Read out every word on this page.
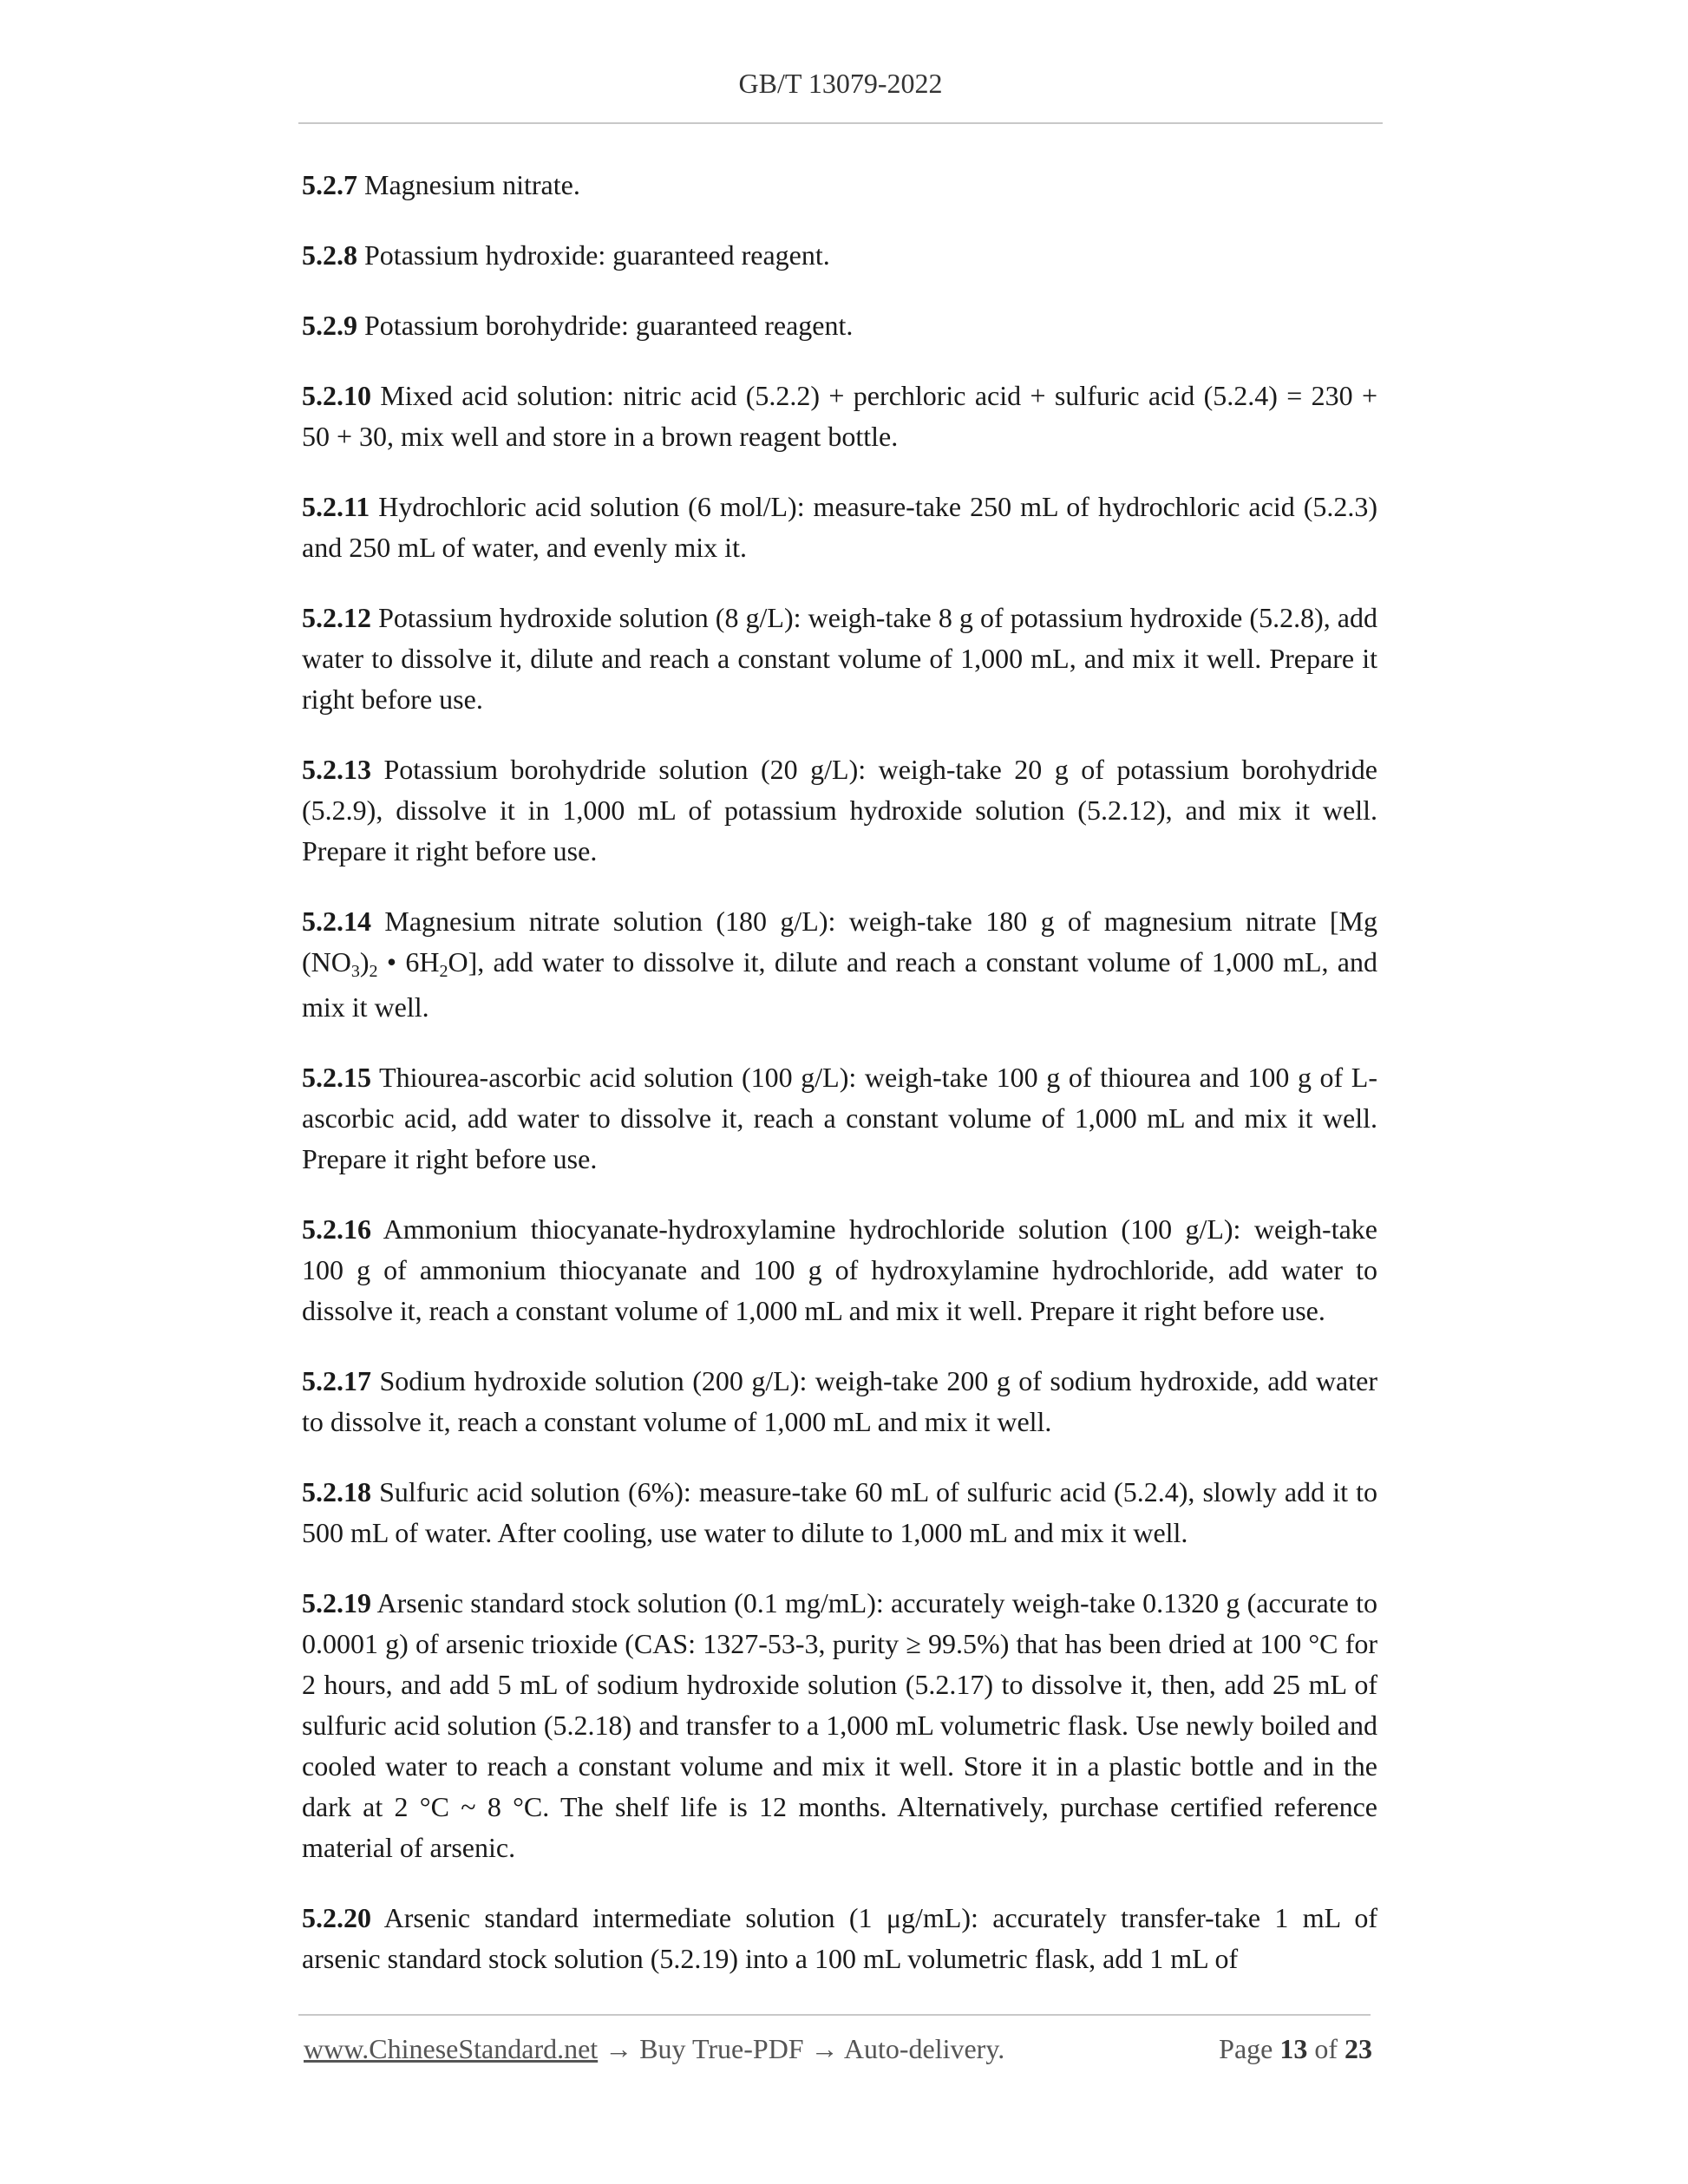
GB/T 13079-2022

5.2.7 Magnesium nitrate.

5.2.8 Potassium hydroxide: guaranteed reagent.

5.2.9 Potassium borohydride: guaranteed reagent.

5.2.10 Mixed acid solution: nitric acid (5.2.2) + perchloric acid + sulfuric acid (5.2.4) = 230 + 50 + 30, mix well and store in a brown reagent bottle.

5.2.11 Hydrochloric acid solution (6 mol/L): measure-take 250 mL of hydrochloric acid (5.2.3) and 250 mL of water, and evenly mix it.

5.2.12 Potassium hydroxide solution (8 g/L): weigh-take 8 g of potassium hydroxide (5.2.8), add water to dissolve it, dilute and reach a constant volume of 1,000 mL, and mix it well. Prepare it right before use.

5.2.13 Potassium borohydride solution (20 g/L): weigh-take 20 g of potassium borohydride (5.2.9), dissolve it in 1,000 mL of potassium hydroxide solution (5.2.12), and mix it well. Prepare it right before use.

5.2.14 Magnesium nitrate solution (180 g/L): weigh-take 180 g of magnesium nitrate [Mg $(NO_3)_2$ • $6H_2O$], add water to dissolve it, dilute and reach a constant volume of 1,000 mL, and mix it well.

5.2.15 Thiourea-ascorbic acid solution (100 g/L): weigh-take 100 g of thiourea and 100 g of L-ascorbic acid, add water to dissolve it, reach a constant volume of 1,000 mL and mix it well. Prepare it right before use.

5.2.16 Ammonium thiocyanate-hydroxylamine hydrochloride solution (100 g/L): weigh-take 100 g of ammonium thiocyanate and 100 g of hydroxylamine hydrochloride, add water to dissolve it, reach a constant volume of 1,000 mL and mix it well. Prepare it right before use.

5.2.17 Sodium hydroxide solution (200 g/L): weigh-take 200 g of sodium hydroxide, add water to dissolve it, reach a constant volume of 1,000 mL and mix it well.

5.2.18 Sulfuric acid solution (6%): measure-take 60 mL of sulfuric acid (5.2.4), slowly add it to 500 mL of water. After cooling, use water to dilute to 1,000 mL and mix it well.

5.2.19 Arsenic standard stock solution (0.1 mg/mL): accurately weigh-take 0.1320 g (accurate to 0.0001 g) of arsenic trioxide (CAS: 1327-53-3, purity ≥ 99.5%) that has been dried at 100 °C for 2 hours, and add 5 mL of sodium hydroxide solution (5.2.17) to dissolve it, then, add 25 mL of sulfuric acid solution (5.2.18) and transfer to a 1,000 mL volumetric flask. Use newly boiled and cooled water to reach a constant volume and mix it well. Store it in a plastic bottle and in the dark at 2 °C ~ 8 °C. The shelf life is 12 months. Alternatively, purchase certified reference material of arsenic.

5.2.20 Arsenic standard intermediate solution (1 μg/mL): accurately transfer-take 1 mL of arsenic standard stock solution (5.2.19) into a 100 mL volumetric flask, add 1 mL of

www.ChineseStandard.net → Buy True-PDF → Auto-delivery.	Page 13 of 23
